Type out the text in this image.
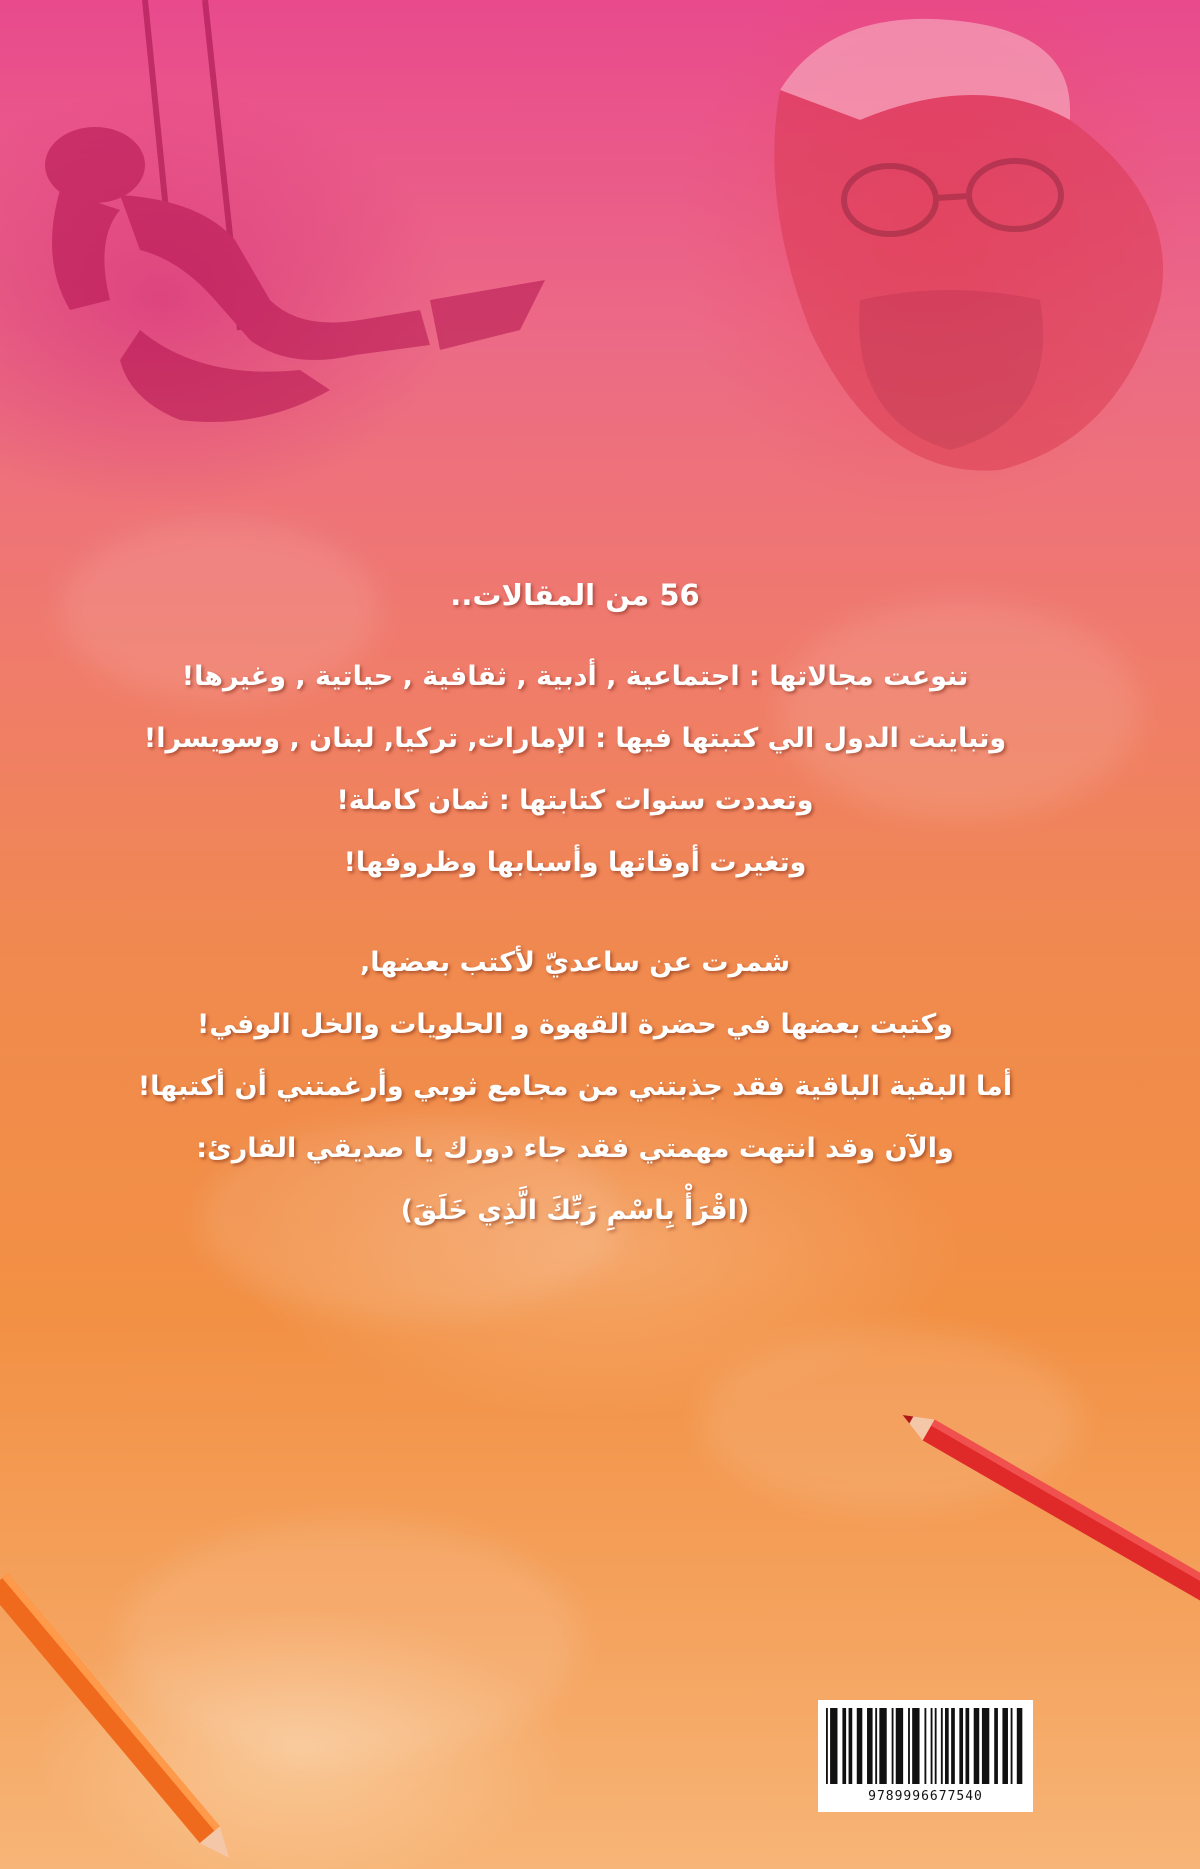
56 من المقالات..

تنوعت مجالاتها : اجتماعية , أدبية , ثقافية , حياتية , وغيرها!

وتباينت الدول الي كتبتها فيها : الإمارات, تركيا, لبنان , وسويسرا!

وتعددت سنوات كتابتها : ثمان كاملة!

وتغيرت أوقاتها وأسبابها وظروفها!

شمرت عن ساعديّ لأكتب بعضها,

وكتبت بعضها في حضرة القهوة و الحلويات والخل الوفي!

أما البقية الباقية فقد جذبتني من مجامع ثوبي وأرغمتني أن أكتبها!

والآن وقد انتهت مهمتي فقد جاء دورك يا صديقي القارئ:

(اقْرَأْ بِاسْمِ رَبِّكَ الَّذِي خَلَقَ)

9789996677540
